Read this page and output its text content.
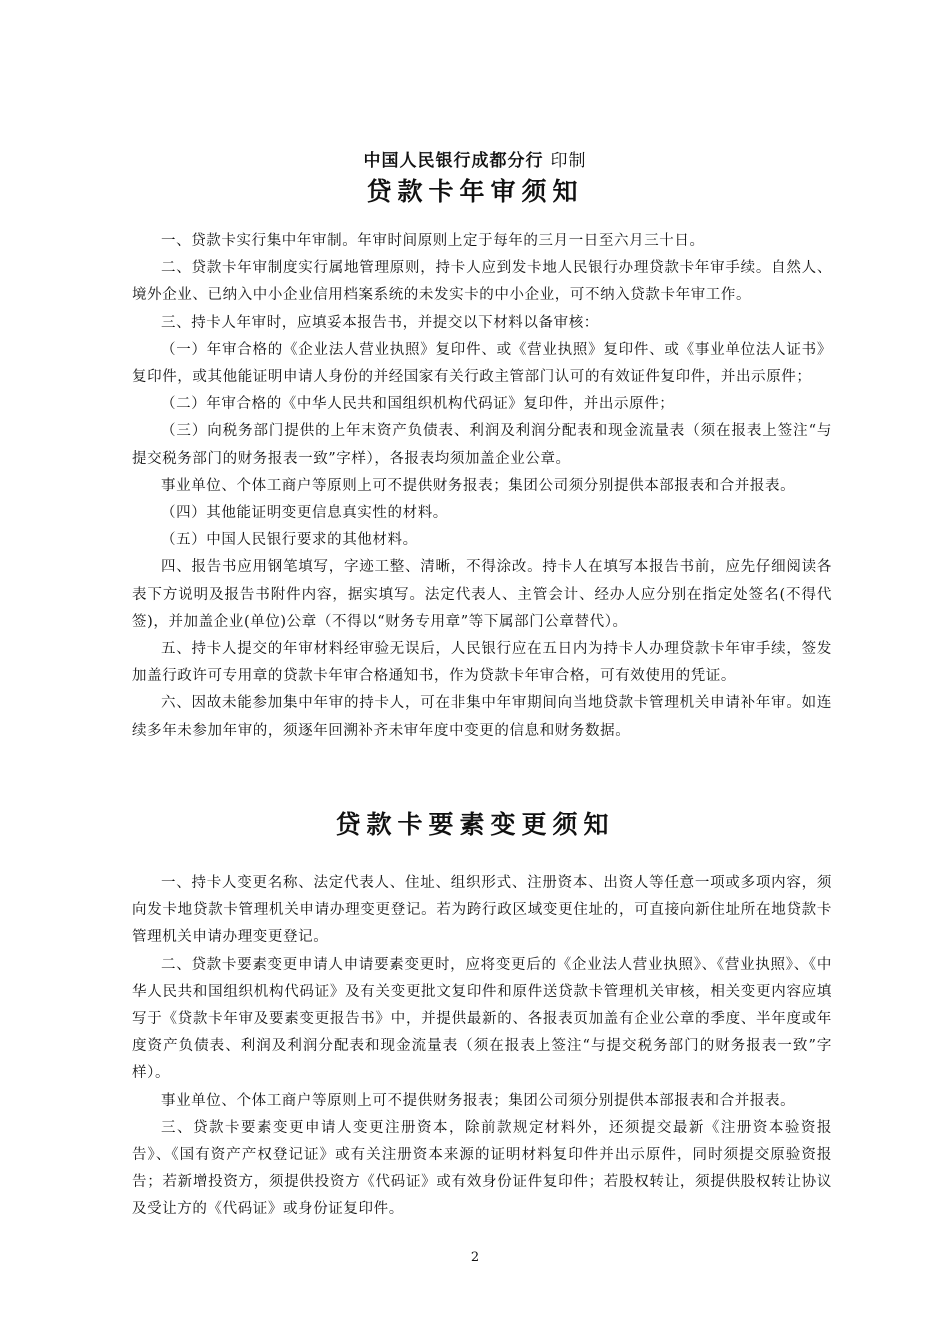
中国人民银行成都分行 印制
贷款卡年审须知

一、贷款卡实行集中年审制。年审时间原则上定于每年的三月一日至六月三十日。

二、贷款卡年审制度实行属地管理原则，持卡人应到发卡地人民银行办理贷款卡年审手续。自然人、境外企业、已纳入中小企业信用档案系统的未发实卡的中小企业，可不纳入贷款卡年审工作。

三、持卡人年审时，应填妥本报告书，并提交以下材料以备审核：

（一）年审合格的《企业法人营业执照》复印件、或《营业执照》复印件、或《事业单位法人证书》复印件，或其他能证明申请人身份的并经国家有关行政主管部门认可的有效证件复印件，并出示原件；

（二）年审合格的《中华人民共和国组织机构代码证》复印件，并出示原件；

（三）向税务部门提供的上年末资产负债表、利润及利润分配表和现金流量表（须在报表上签注“与提交税务部门的财务报表一致”字样），各报表均须加盖企业公章。

事业单位、个体工商户等原则上可不提供财务报表；集团公司须分别提供本部报表和合并报表。

（四）其他能证明变更信息真实性的材料。

（五）中国人民银行要求的其他材料。

四、报告书应用钢笔填写，字迹工整、清晰，不得涂改。持卡人在填写本报告书前，应先仔细阅读各表下方说明及报告书附件内容，据实填写。法定代表人、主管会计、经办人应分别在指定处签名(不得代签)，并加盖企业(单位)公章（不得以“财务专用章”等下属部门公章替代）。

五、持卡人提交的年审材料经审验无误后，人民银行应在五日内为持卡人办理贷款卡年审手续，签发加盖行政许可专用章的贷款卡年审合格通知书，作为贷款卡年审合格，可有效使用的凭证。

六、因故未能参加集中年审的持卡人，可在非集中年审期间向当地贷款卡管理机关申请补年审。如连续多年未参加年审的，须逐年回溯补齐未审年度中变更的信息和财务数据。

贷款卡要素变更须知

一、持卡人变更名称、法定代表人、住址、组织形式、注册资本、出资人等任意一项或多项内容，须向发卡地贷款卡管理机关申请办理变更登记。若为跨行政区域变更住址的，可直接向新住址所在地贷款卡管理机关申请办理变更登记。

二、贷款卡要素变更申请人申请要素变更时，应将变更后的《企业法人营业执照》、《营业执照》、《中华人民共和国组织机构代码证》及有关变更批文复印件和原件送贷款卡管理机关审核，相关变更内容应填写于《贷款卡年审及要素变更报告书》中，并提供最新的、各报表页加盖有企业公章的季度、半年度或年度资产负债表、利润及利润分配表和现金流量表（须在报表上签注“与提交税务部门的财务报表一致”字样）。

事业单位、个体工商户等原则上可不提供财务报表；集团公司须分别提供本部报表和合并报表。

三、贷款卡要素变更申请人变更注册资本，除前款规定材料外，还须提交最新《注册资本验资报告》、《国有资产产权登记证》或有关注册资本来源的证明材料复印件并出示原件，同时须提交原验资报告；若新增投资方，须提供投资方《代码证》或有效身份证件复印件；若股权转让，须提供股权转让协议及受让方的《代码证》或身份证复印件。

2
